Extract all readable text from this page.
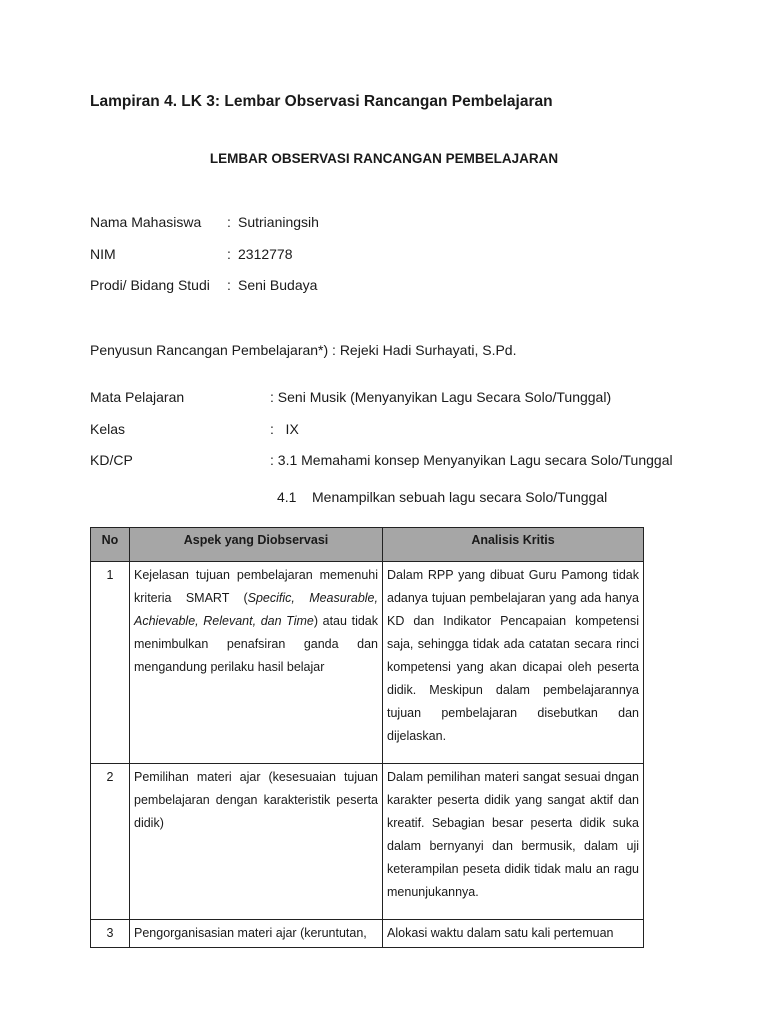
Lampiran 4. LK 3: Lembar Observasi Rancangan Pembelajaran
LEMBAR OBSERVASI RANCANGAN PEMBELAJARAN
Nama Mahasiswa : Sutrianingsih
NIM	: 2312778
Prodi/ Bidang Studi : Seni Budaya
Penyusun Rancangan Pembelajaran*) : Rejeki Hadi Surhayati, S.Pd.
Mata Pelajaran	: Seni Musik (Menyanyikan Lagu Secara Solo/Tunggal)
Kelas	:   IX
KD/CP	: 3.1 Memahami konsep Menyanyikan Lagu secara Solo/Tunggal
4.1    Menampilkan sebuah lagu secara Solo/Tunggal
No	Aspek yang Diobservasi	Analisis Kritis
1	Kejelasan tujuan pembelajaran memenuhi kriteria SMART (Specific, Measurable, Achievable, Relevant, dan Time) atau tidak menimbulkan penafsiran ganda dan mengandung perilaku hasil belajar	Dalam RPP yang dibuat Guru Pamong tidak adanya tujuan pembelajaran yang ada hanya KD dan Indikator Pencapaian kompetensi saja, sehingga tidak ada catatan secara rinci kompetensi yang akan dicapai oleh peserta didik. Meskipun dalam pembelajarannya tujuan pembelajaran disebutkan dan dijelaskan.

2	Pemilihan materi ajar (kesesuaian tujuan pembelajaran dengan karakteristik peserta didik)	Dalam pemilihan materi sangat sesuai dngan karakter peserta didik yang sangat aktif dan kreatif. Sebagian besar peserta didik suka dalam bernyanyi dan bermusik, dalam uji keterampilan peseta didik tidak malu an ragu menunjukannya.

3	Pengorganisasian materi ajar (keruntutan,	Alokasi waktu dalam satu kali pertemuan
